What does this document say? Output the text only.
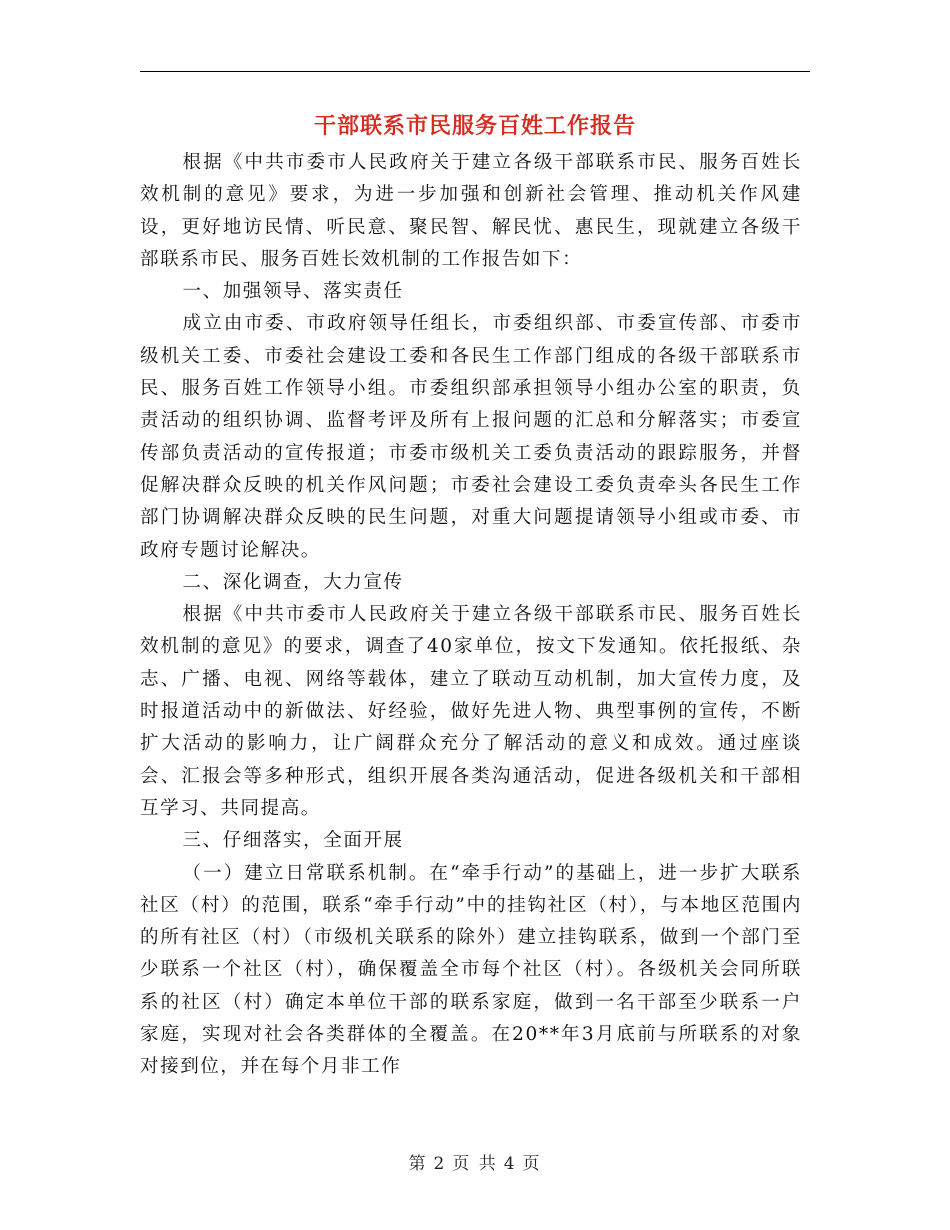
干部联系市民服务百姓工作报告

根据《中共市委市人民政府关于建立各级干部联系市民、服务百姓长效机制的意见》要求，为进一步加强和创新社会管理、推动机关作风建设，更好地访民情、听民意、聚民智、解民忧、惠民生，现就建立各级干部联系市民、服务百姓长效机制的工作报告如下：

一、加强领导、落实责任

成立由市委、市政府领导任组长，市委组织部、市委宣传部、市委市级机关工委、市委社会建设工委和各民生工作部门组成的各级干部联系市民、服务百姓工作领导小组。市委组织部承担领导小组办公室的职责，负责活动的组织协调、监督考评及所有上报问题的汇总和分解落实；市委宣传部负责活动的宣传报道；市委市级机关工委负责活动的跟踪服务，并督促解决群众反映的机关作风问题；市委社会建设工委负责牵头各民生工作部门协调解决群众反映的民生问题，对重大问题提请领导小组或市委、市政府专题讨论解决。

二、深化调查，大力宣传

根据《中共市委市人民政府关于建立各级干部联系市民、服务百姓长效机制的意见》的要求，调查了40家单位，按文下发通知。依托报纸、杂志、广播、电视、网络等载体，建立了联动互动机制，加大宣传力度，及时报道活动中的新做法、好经验，做好先进人物、典型事例的宣传，不断扩大活动的影响力，让广阔群众充分了解活动的意义和成效。通过座谈会、汇报会等多种形式，组织开展各类沟通活动，促进各级机关和干部相互学习、共同提高。

三、仔细落实，全面开展

（一）建立日常联系机制。在“牵手行动”的基础上，进一步扩大联系社区（村）的范围，联系“牵手行动”中的挂钩社区（村），与本地区范围内的所有社区（村）（市级机关联系的除外）建立挂钩联系，做到一个部门至少联系一个社区（村），确保覆盖全市每个社区（村）。各级机关会同所联系的社区（村）确定本单位干部的联系家庭，做到一名干部至少联系一户家庭，实现对社会各类群体的全覆盖。在20**年3月底前与所联系的对象对接到位，并在每个月非工作

第 2 页 共 4 页
